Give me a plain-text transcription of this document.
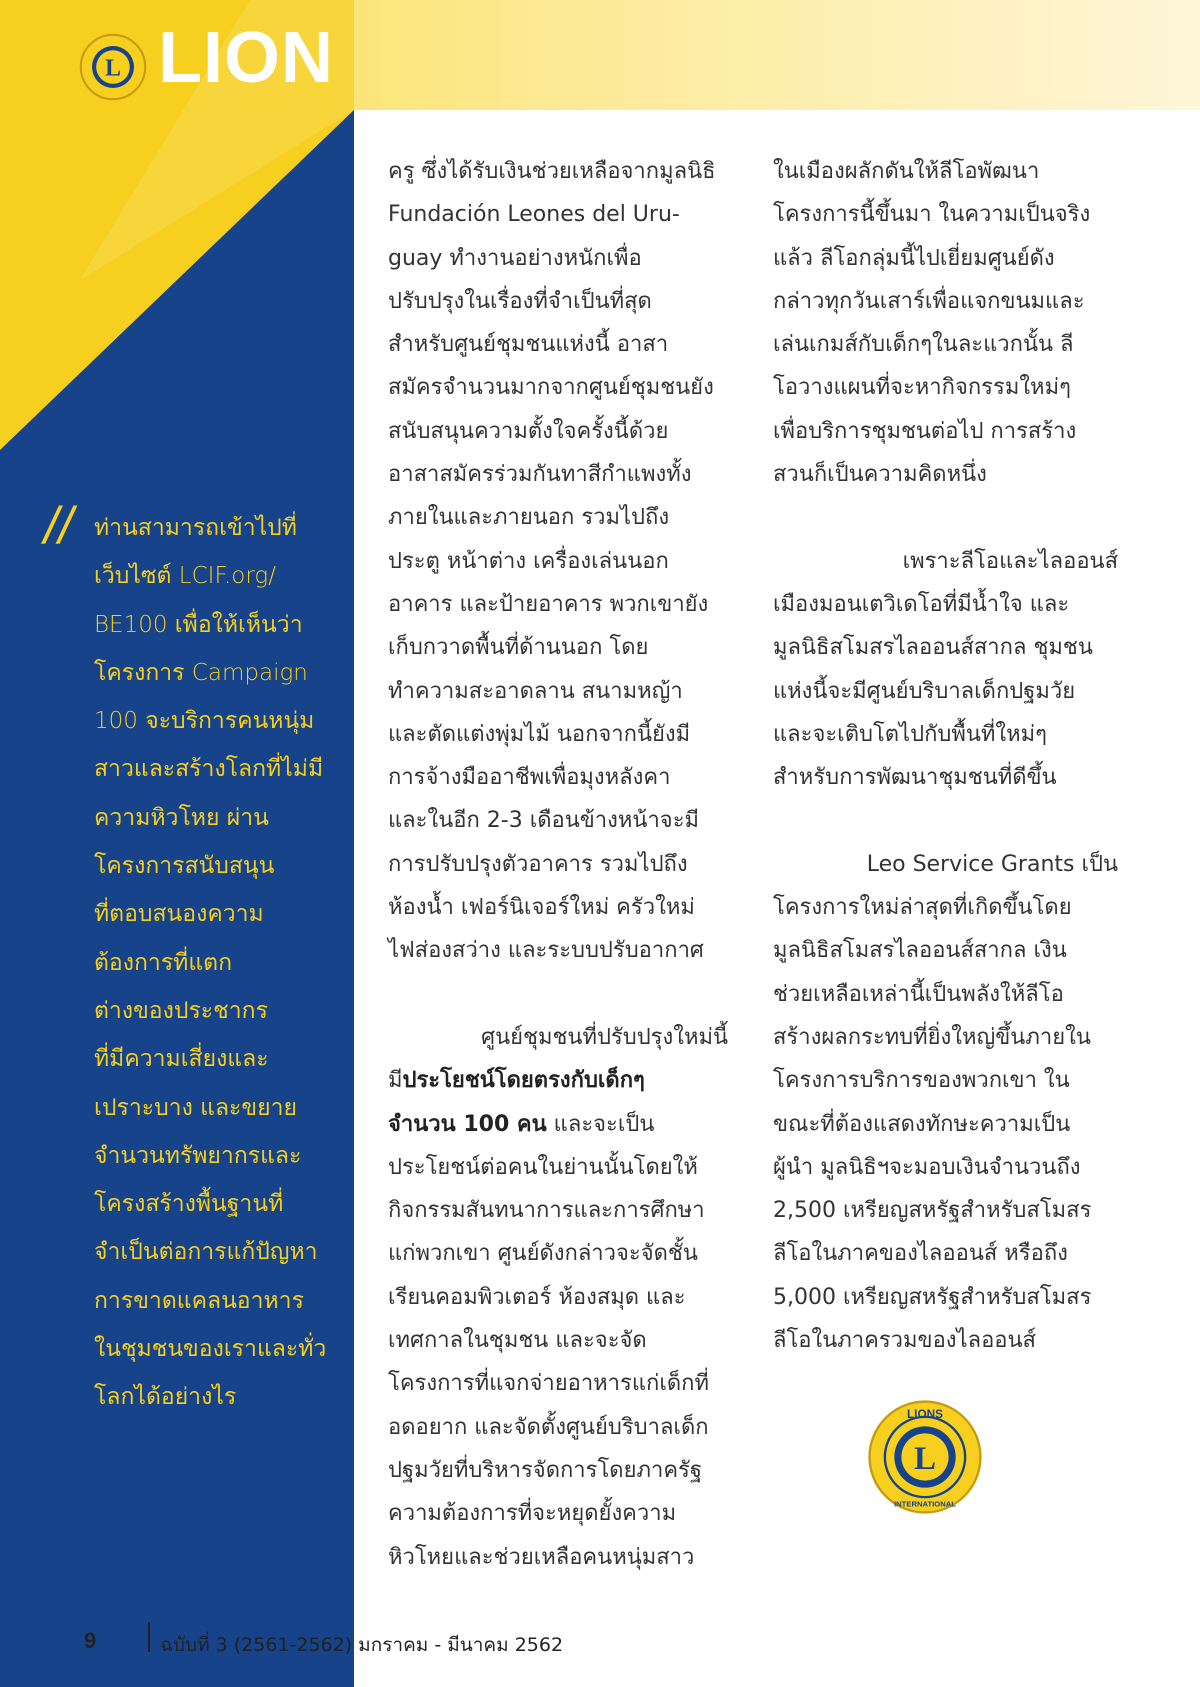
L LION
// ท่านสามารถเข้าไปที่
เว็บไซต์ LCIF.org/
BE100 เพื่อให้เห็นว่า
โครงการ Campaign
100 จะบริการคนหนุ่ม
สาวและสร้างโลกที่ไม่มี
ความหิวโหย ผ่าน
โครงการสนับสนุน
ที่ตอบสนองความ
ต้องการที่แตก
ต่างของประชากร
ที่มีความเสี่ยงและ
เปราะบาง และขยาย
จำนวนทรัพยากรและ
โครงสร้างพื้นฐานที่
จำเป็นต่อการแก้ปัญหา
การขาดแคลนอาหาร
ในชุมชนของเราและทั่ว
โลกได้อย่างไร
ครู ซึ่งได้รับเงินช่วยเหลือจากมูลนิธิ
Fundación Leones del Uru-
guay ทำงานอย่างหนักเพื่อ
ปรับปรุงในเรื่องที่จำเป็นที่สุด
สำหรับศูนย์ชุมชนแห่งนี้ อาสา
สมัครจำนวนมากจากศูนย์ชุมชนยัง
สนับสนุนความตั้งใจครั้งนี้ด้วย
อาสาสมัครร่วมกันทาสีกำแพงทั้ง
ภายในและภายนอก รวมไปถึง
ประตู หน้าต่าง เครื่องเล่นนอก
อาคาร และป้ายอาคาร พวกเขายัง
เก็บกวาดพื้นที่ด้านนอก โดย
ทำความสะอาดลาน สนามหญ้า
และตัดแต่งพุ่มไม้ นอกจากนี้ยังมี
การจ้างมืออาชีพเพื่อมุงหลังคา
และในอีก 2-3 เดือนข้างหน้าจะมี
การปรับปรุงตัวอาคาร รวมไปถึง
ห้องน้ำ เฟอร์นิเจอร์ใหม่ ครัวใหม่
ไฟส่องสว่าง และระบบปรับอากาศ
ศูนย์ชุมชนที่ปรับปรุงใหม่นี้
มีประโยชน์โดยตรงกับเด็กๆ
จำนวน 100 คน และจะเป็น
ประโยชน์ต่อคนในย่านนั้นโดยให้
กิจกรรมสันทนาการและการศึกษา
แก่พวกเขา ศูนย์ดังกล่าวจะจัดชั้น
เรียนคอมพิวเตอร์ ห้องสมุด และ
เทศกาลในชุมชน และจะจัด
โครงการที่แจกจ่ายอาหารแก่เด็กที่
อดอยาก และจัดตั้งศูนย์บริบาลเด็ก
ปฐมวัยที่บริหารจัดการโดยภาครัฐ
ความต้องการที่จะหยุดยั้งความ
หิวโหยและช่วยเหลือคนหนุ่มสาว
ในเมืองผลักดันให้ลีโอพัฒนา
โครงการนี้ขึ้นมา ในความเป็นจริง
แล้ว ลีโอกลุ่มนี้ไปเยี่ยมศูนย์ดัง
กล่าวทุกวันเสาร์เพื่อแจกขนมและ
เล่นเกมส์กับเด็กๆในละแวกนั้น ลี
โอวางแผนที่จะหากิจกรรมใหม่ๆ
เพื่อบริการชุมชนต่อไป การสร้าง
สวนก็เป็นความคิดหนึ่ง
เพราะลีโอและไลออนส์
เมืองมอนเตวิเดโอที่มีน้ำใจ และ
มูลนิธิสโมสรไลออนส์สากล ชุมชน
แห่งนี้จะมีศูนย์บริบาลเด็กปฐมวัย
และจะเติบโตไปกับพื้นที่ใหม่ๆ
สำหรับการพัฒนาชุมชนที่ดีขึ้น
Leo Service Grants เป็น
โครงการใหม่ล่าสุดที่เกิดขึ้นโดย
มูลนิธิสโมสรไลออนส์สากล เงิน
ช่วยเหลือเหล่านี้เป็นพลังให้ลีโอ
สร้างผลกระทบที่ยิ่งใหญ่ขึ้นภายใน
โครงการบริการของพวกเขา ใน
ขณะที่ต้องแสดงทักษะความเป็น
ผู้นำ มูลนิธิฯจะมอบเงินจำนวนถึง
2,500 เหรียญสหรัฐสำหรับสโมสร
ลีโอในภาคของไลออนส์ หรือถึง
5,000 เหรียญสหรัฐสำหรับสโมสร
ลีโอในภาครวมของไลออนส์
L
LIONS
INTERNATIONAL
9	ฉบับที่ 3 (2561-2562) มกราคม - มีนาคม 2562
